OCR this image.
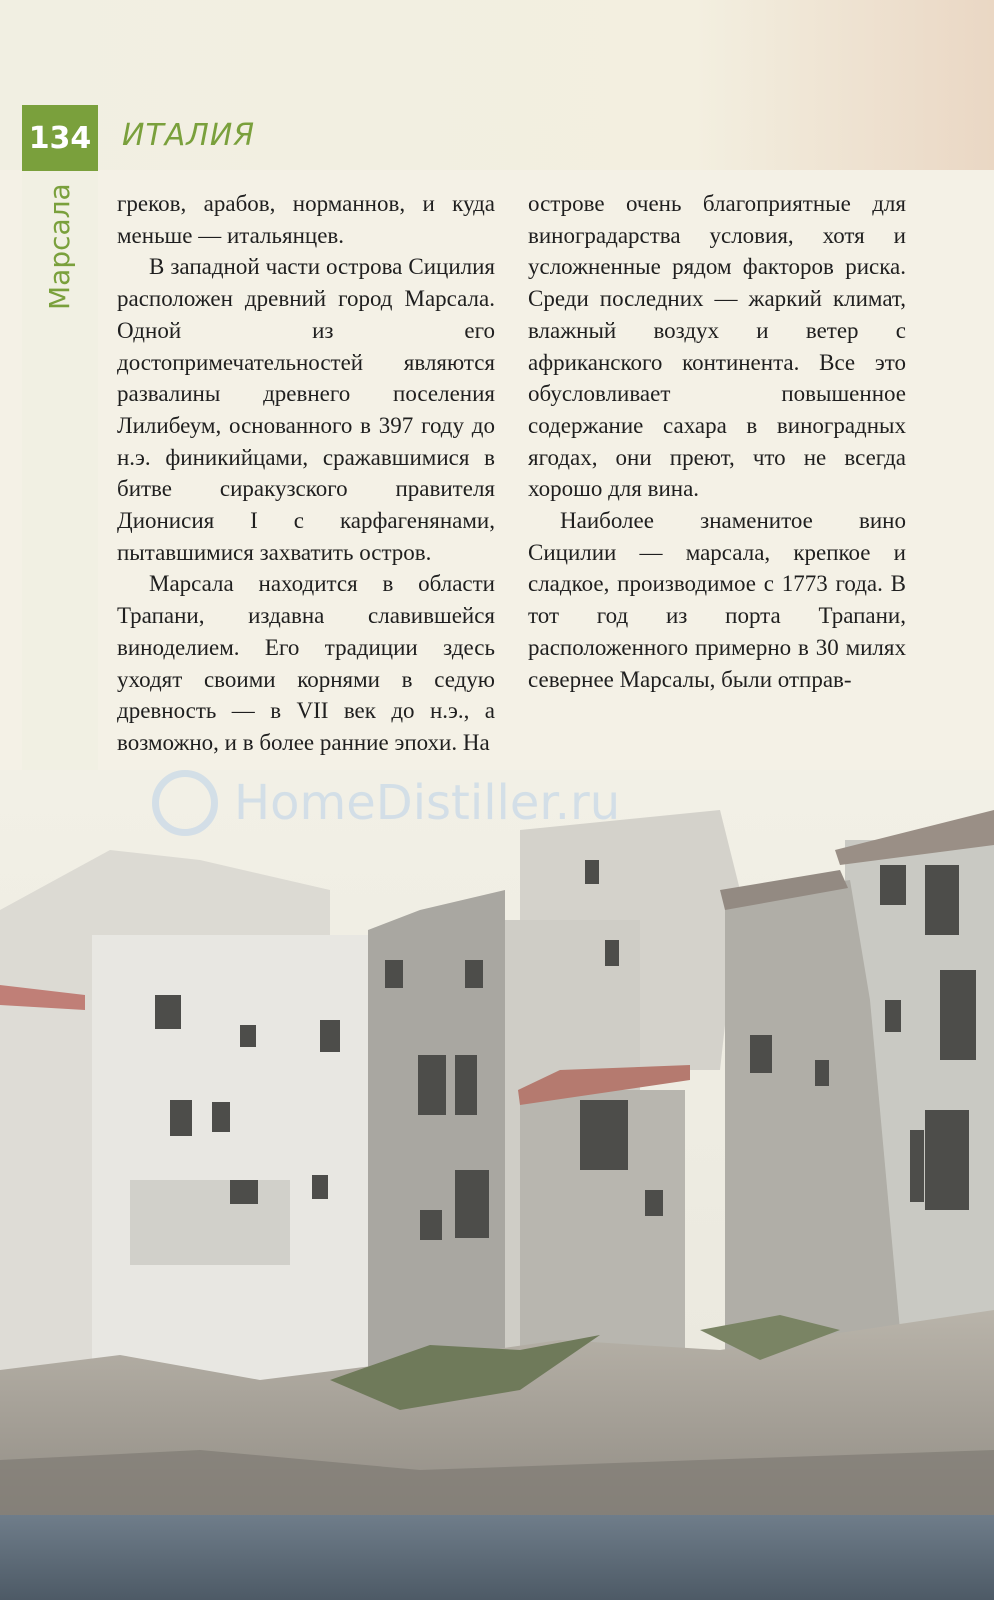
134 ИТАЛИЯ
Марсала греков, арабов, норманнов, и куда меньше — итальянцев.

В западной части острова Сицилия расположен древний город Марсала. Одной из его достопримечательностей являются развалины древнего поселения Лилибеум, основанного в 397 году до н.э. финикийцами, сражавшимися в битве сиракузского правителя Дионисия I с карфагенянами, пытавшимися захватить остров.

Марсала находится в области Трапани, издавна славившейся виноделием. Его традиции здесь уходят своими корнями в седую древность — в VII век до н.э., а возможно, и в более ранние эпохи. На

острове очень благоприятные для виноградарства условия, хотя и усложненные рядом факторов риска. Среди последних — жаркий климат, влажный воздух и ветер с африканского континента. Все это обусловливает повышенное содержание сахара в виноградных ягодах, они преют, что не всегда хорошо для вина.

Наиболее знаменитое вино Сицилии — марсала, крепкое и сладкое, производимое с 1773 года. В тот год из порта Трапани, расположенного примерно в 30 милях севернее Марсалы, были отправ-

HomeDistiller.ru
